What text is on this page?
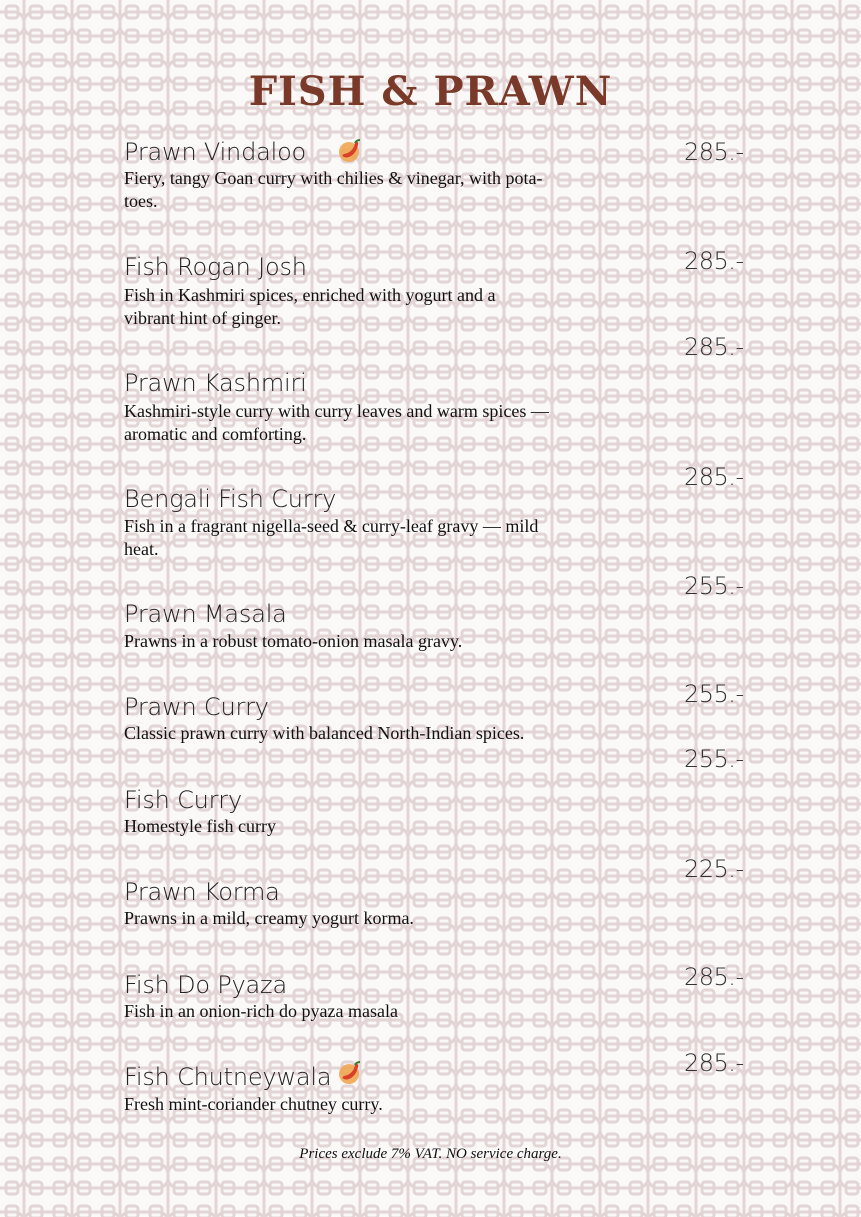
FISH & PRAWN
Prawn Vindaloo
Fiery, tangy Goan curry with chilies & vinegar, with pota-
toes.
285.-
Fish Rogan Josh
Fish in Kashmiri spices, enriched with yogurt and a
vibrant hint of ginger.
285.-
Prawn Kashmiri
Kashmiri-style curry with curry leaves and warm spices —
aromatic and comforting.
285.-
Bengali Fish Curry
Fish in a fragrant nigella-seed & curry-leaf gravy — mild
heat.
285.-
Prawn Masala
Prawns in a robust tomato-onion masala gravy.
255.-
Prawn Curry
Classic prawn curry with balanced North-Indian spices.
255.-
Fish Curry
Homestyle fish curry
255.-
Prawn Korma
Prawns in a mild, creamy yogurt korma.
225.-
Fish Do Pyaza
Fish in an onion-rich do pyaza masala
285.-
Fish Chutneywala
Fresh mint-coriander chutney curry.
285.-
Prices exclude 7% VAT. NO service charge.
